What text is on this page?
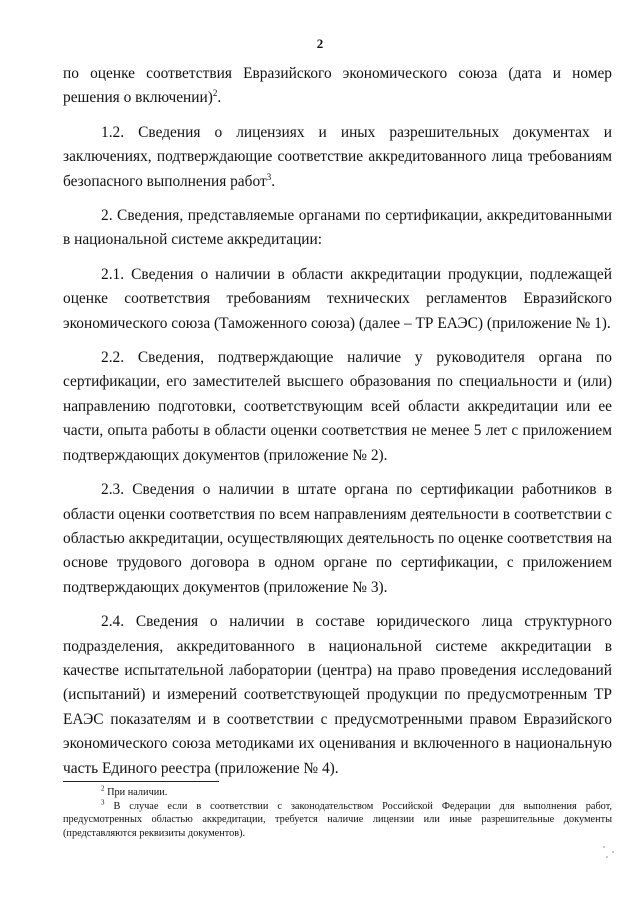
2

по оценке соответствия Евразийского экономического союза (дата и номер решения о включении)$^2$.

1.2. Сведения о лицензиях и иных разрешительных документах и заключениях, подтверждающие соответствие аккредитованного лица требованиям безопасного выполнения работ$^3$.

2. Сведения, представляемые органами по сертификации, аккредитованными в национальной системе аккредитации:

2.1. Сведения о наличии в области аккредитации продукции, подлежащей оценке соответствия требованиям технических регламентов Евразийского экономического союза (Таможенного союза) (далее – ТР ЕАЭС) (приложение № 1).

2.2. Сведения, подтверждающие наличие у руководителя органа по сертификации, его заместителей высшего образования по специальности и (или) направлению подготовки, соответствующим всей области аккредитации или ее части, опыта работы в области оценки соответствия не менее 5 лет с приложением подтверждающих документов (приложение № 2).

2.3. Сведения о наличии в штате органа по сертификации работников в области оценки соответствия по всем направлениям деятельности в соответствии с областью аккредитации, осуществляющих деятельность по оценке соответствия на основе трудового договора в одном органе по сертификации, с приложением подтверждающих документов (приложение № 3).

2.4. Сведения о наличии в составе юридического лица структурного подразделения, аккредитованного в национальной системе аккредитации в качестве испытательной лаборатории (центра) на право проведения исследований (испытаний) и измерений соответствующей продукции по предусмотренным ТР ЕАЭС показателям и в соответствии с предусмотренными правом Евразийского экономического союза методиками их оценивания и включенного в национальную часть Единого реестра (приложение № 4).

$^2$ При наличии.

$^3$ В случае если в соответствии с законодательством Российской Федерации для выполнения работ, предусмотренных областью аккредитации, требуется наличие лицензии или иные разрешительные документы (представляются реквизиты документов).
